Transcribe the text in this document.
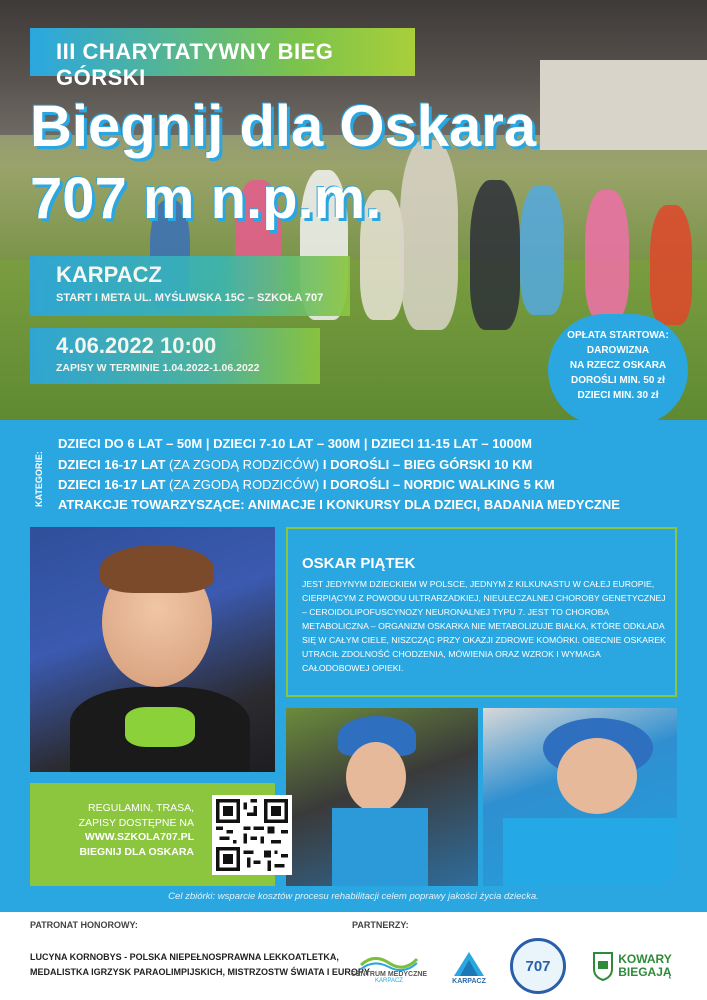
III CHARYTATYWNY BIEG GÓRSKI
Biegnij dla Oskara
707 m n.p.m.
KARPACZ
START I META UL. MYŚLIWSKA 15C – SZKOŁA 707
4.06.2022 10:00
ZAPISY W TERMINIE 1.04.2022-1.06.2022
OPŁATA STARTOWA:
DAROWIZNA
NA RZECZ OSKARA
DOROŚLI MIN. 50 zł
DZIECI MIN. 30 zł
KATEGORIE:
DZIECI DO 6 LAT – 50M | DZIECI 7-10 LAT – 300M | DZIECI 11-15 LAT – 1000M
DZIECI 16-17 LAT (ZA ZGODĄ RODZICÓW) I DOROŚLI – BIEG GÓRSKI 10 KM
DZIECI 16-17 LAT (ZA ZGODĄ RODZICÓW) I DOROŚLI – NORDIC WALKING 5 KM
ATRAKCJE TOWARZYSZĄCE: ANIMACJE I KONKURSY DLA DZIECI, BADANIA MEDYCZNE
OSKAR PIĄTEK

JEST JEDYNYM DZIECKIEM W POLSCE, JEDNYM Z KILKUNASTU W CAŁEJ EUROPIE, CIERPIĄCYM Z POWODU ULTRARZADKIEJ, NIEULECZALNEJ CHOROBY GENETYCZNEJ – CEROIDOLIPOFUSCYNOZY NEURONALNEJ TYPU 7. JEST TO CHOROBA METABOLICZNA – ORGANIZM OSKARKA NIE METABOLIZUJE BIAŁKA, KTÓRE ODKŁADA SIĘ W CAŁYM CIELE, NISZCZĄC PRZY OKAZJI ZDROWE KOMÓRKI. OBECNIE OSKAREK UTRACIŁ ZDOLNOŚĆ CHODZENIA, MÓWIENIA ORAZ WZROK I WYMAGA CAŁODOBOWEJ OPIEKI.

REGULAMIN, TRASA,
ZAPISY DOSTĘPNE NA
WWW.SZKOLA707.PL
BIEGNIJ DLA OSKARA
Cel zbiórki: wsparcie kosztów procesu rehabilitacji celem poprawy jakości życia dziecka.
PATRONAT HONOROWY:
LUCYNA KORNOBYS - POLSKA NIEPEŁNOSPRAWNA LEKKOATLETKA,
MEDALISTKA IGRZYSK PARAOLIMPIJSKICH, MISTRZOSTW ŚWIATA I EUROPY
PARTNERZY:
CENTRUM MEDYCZNE
KARPACZ	KARPACZ
707	KOWARY
BIEGAJĄ
